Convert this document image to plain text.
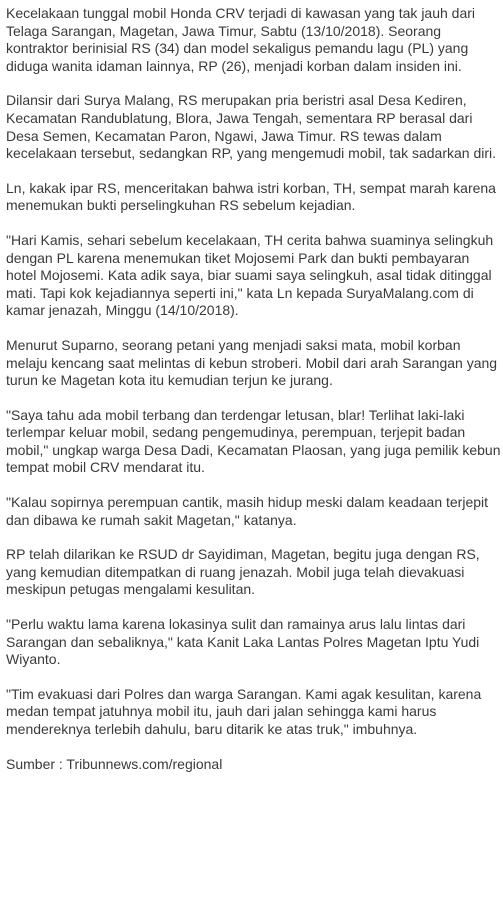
Kecelakaan tunggal mobil Honda CRV terjadi di kawasan yang tak jauh dari
Telaga Sarangan, Magetan, Jawa Timur, Sabtu (13/10/2018). Seorang
kontraktor berinisial RS (34) dan model sekaligus pemandu lagu (PL) yang
diduga wanita idaman lainnya, RP (26), menjadi korban dalam insiden ini.

Dilansir dari Surya Malang, RS merupakan pria beristri asal Desa Kediren,
Kecamatan Randublatung, Blora, Jawa Tengah, sementara RP berasal dari
Desa Semen, Kecamatan Paron, Ngawi, Jawa Timur. RS tewas dalam
kecelakaan tersebut, sedangkan RP, yang mengemudi mobil, tak sadarkan diri.

Ln, kakak ipar RS, menceritakan bahwa istri korban, TH, sempat marah karena
menemukan bukti perselingkuhan RS sebelum kejadian.

"Hari Kamis, sehari sebelum kecelakaan, TH cerita bahwa suaminya selingkuh
dengan PL karena menemukan tiket Mojosemi Park dan bukti pembayaran
hotel Mojosemi. Kata adik saya, biar suami saya selingkuh, asal tidak ditinggal
mati. Tapi kok kejadiannya seperti ini," kata Ln kepada SuryaMalang.com di
kamar jenazah, Minggu (14/10/2018).

Menurut Suparno, seorang petani yang menjadi saksi mata, mobil korban
melaju kencang saat melintas di kebun stroberi. Mobil dari arah Sarangan yang
turun ke Magetan kota itu kemudian terjun ke jurang.

"Saya tahu ada mobil terbang dan terdengar letusan, blar! Terlihat laki-laki
terlempar keluar mobil, sedang pengemudinya, perempuan, terjepit badan
mobil," ungkap warga Desa Dadi, Kecamatan Plaosan, yang juga pemilik kebun
tempat mobil CRV mendarat itu.

"Kalau sopirnya perempuan cantik, masih hidup meski dalam keadaan terjepit
dan dibawa ke rumah sakit Magetan," katanya.

RP telah dilarikan ke RSUD dr Sayidiman, Magetan, begitu juga dengan RS,
yang kemudian ditempatkan di ruang jenazah. Mobil juga telah dievakuasi
meskipun petugas mengalami kesulitan.

"Perlu waktu lama karena lokasinya sulit dan ramainya arus lalu lintas dari
Sarangan dan sebaliknya," kata Kanit Laka Lantas Polres Magetan Iptu Yudi
Wiyanto.

"Tim evakuasi dari Polres dan warga Sarangan. Kami agak kesulitan, karena
medan tempat jatuhnya mobil itu, jauh dari jalan sehingga kami harus
mendereknya terlebih dahulu, baru ditarik ke atas truk," imbuhnya.

Sumber : Tribunnews.com/regional
